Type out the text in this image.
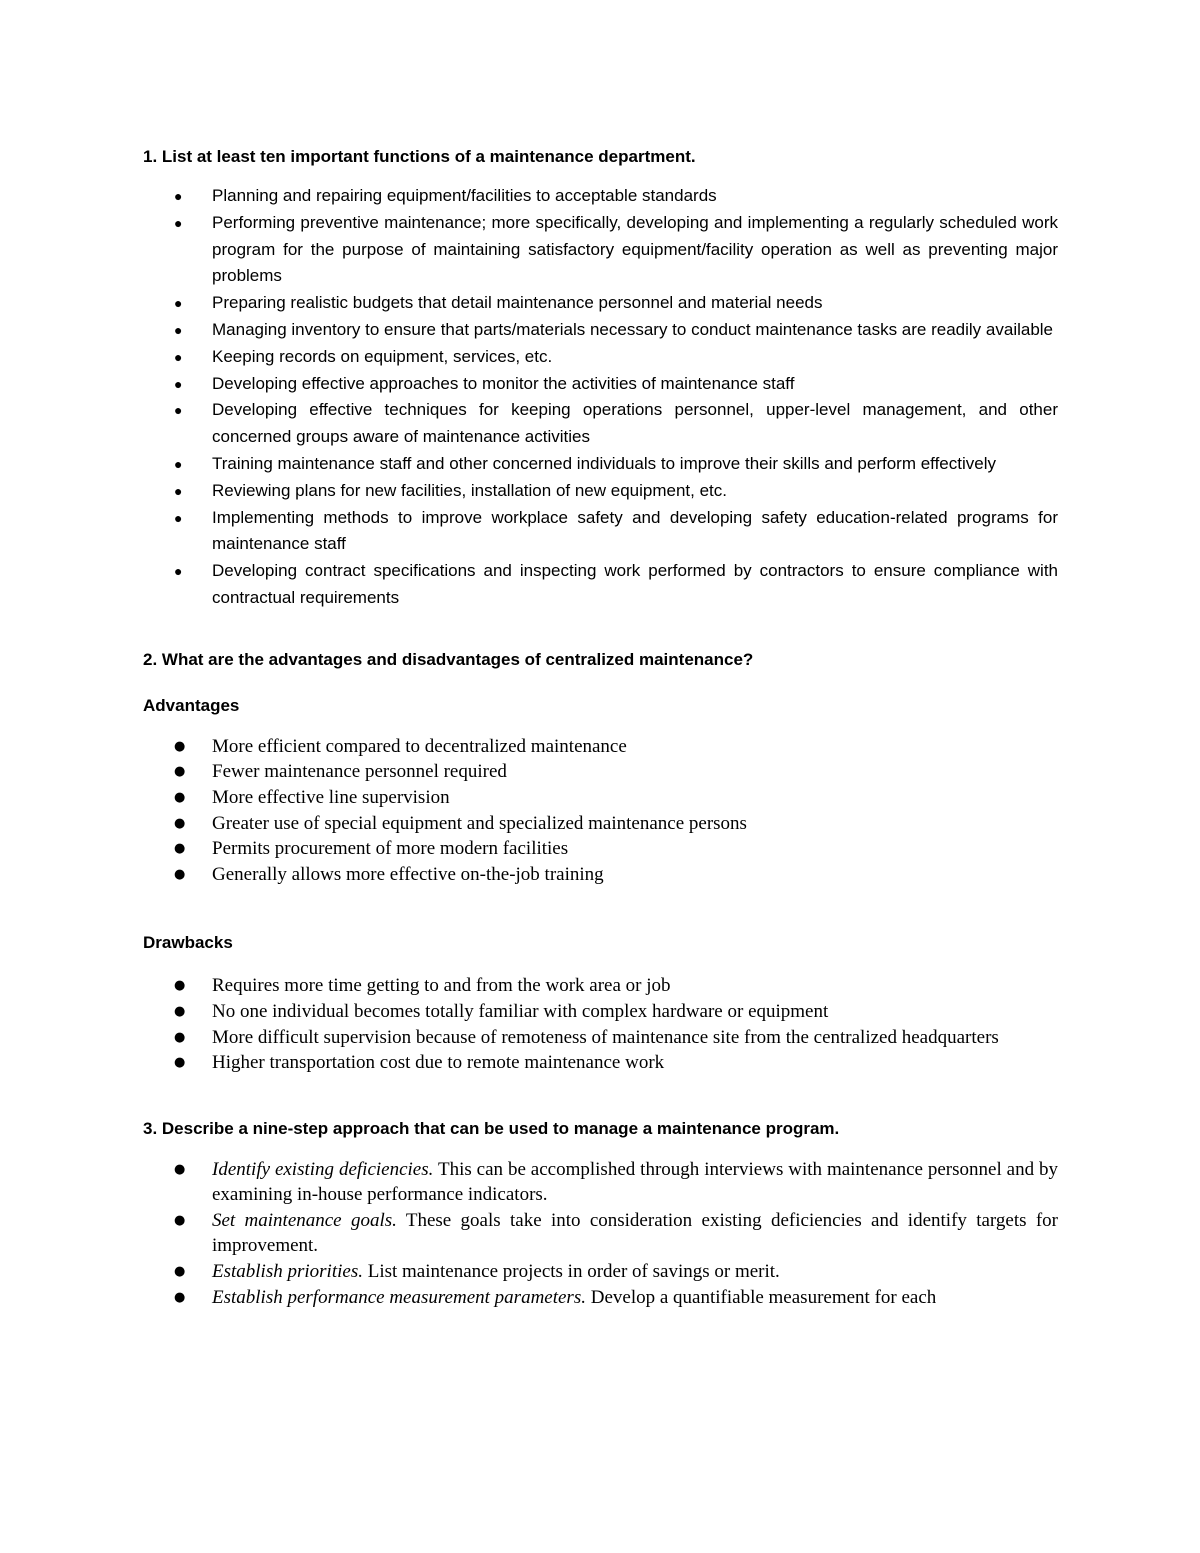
1. List at least ten important functions of a maintenance department.

● Planning and repairing equipment/facilities to acceptable standards
● Performing preventive maintenance; more specifically, developing and implementing a regularly scheduled work program for the purpose of maintaining satisfactory equipment/facility operation as well as preventing major problems
● Preparing realistic budgets that detail maintenance personnel and material needs
● Managing inventory to ensure that parts/materials necessary to conduct maintenance tasks are readily available
● Keeping records on equipment, services, etc.
● Developing effective approaches to monitor the activities of maintenance staff
● Developing effective techniques for keeping operations personnel, upper-level management, and other concerned groups aware of maintenance activities
● Training maintenance staff and other concerned individuals to improve their skills and perform effectively
● Reviewing plans for new facilities, installation of new equipment, etc.
● Implementing methods to improve workplace safety and developing safety education-related programs for maintenance staff
● Developing contract specifications and inspecting work performed by contractors to ensure compliance with contractual requirements

2. What are the advantages and disadvantages of centralized maintenance?

Advantages

● More efficient compared to decentralized maintenance
● Fewer maintenance personnel required
● More effective line supervision
● Greater use of special equipment and specialized maintenance persons
● Permits procurement of more modern facilities
● Generally allows more effective on-the-job training

Drawbacks

● Requires more time getting to and from the work area or job
● No one individual becomes totally familiar with complex hardware or equipment
● More difficult supervision because of remoteness of maintenance site from the centralized headquarters
● Higher transportation cost due to remote maintenance work

3. Describe a nine-step approach that can be used to manage a maintenance program.

● Identify existing deficiencies. This can be accomplished through interviews with maintenance personnel and by examining in-house performance indicators.
● Set maintenance goals. These goals take into consideration existing deficiencies and identify targets for improvement.
● Establish priorities. List maintenance projects in order of savings or merit.
● Establish performance measurement parameters. Develop a quantifiable measurement for each
